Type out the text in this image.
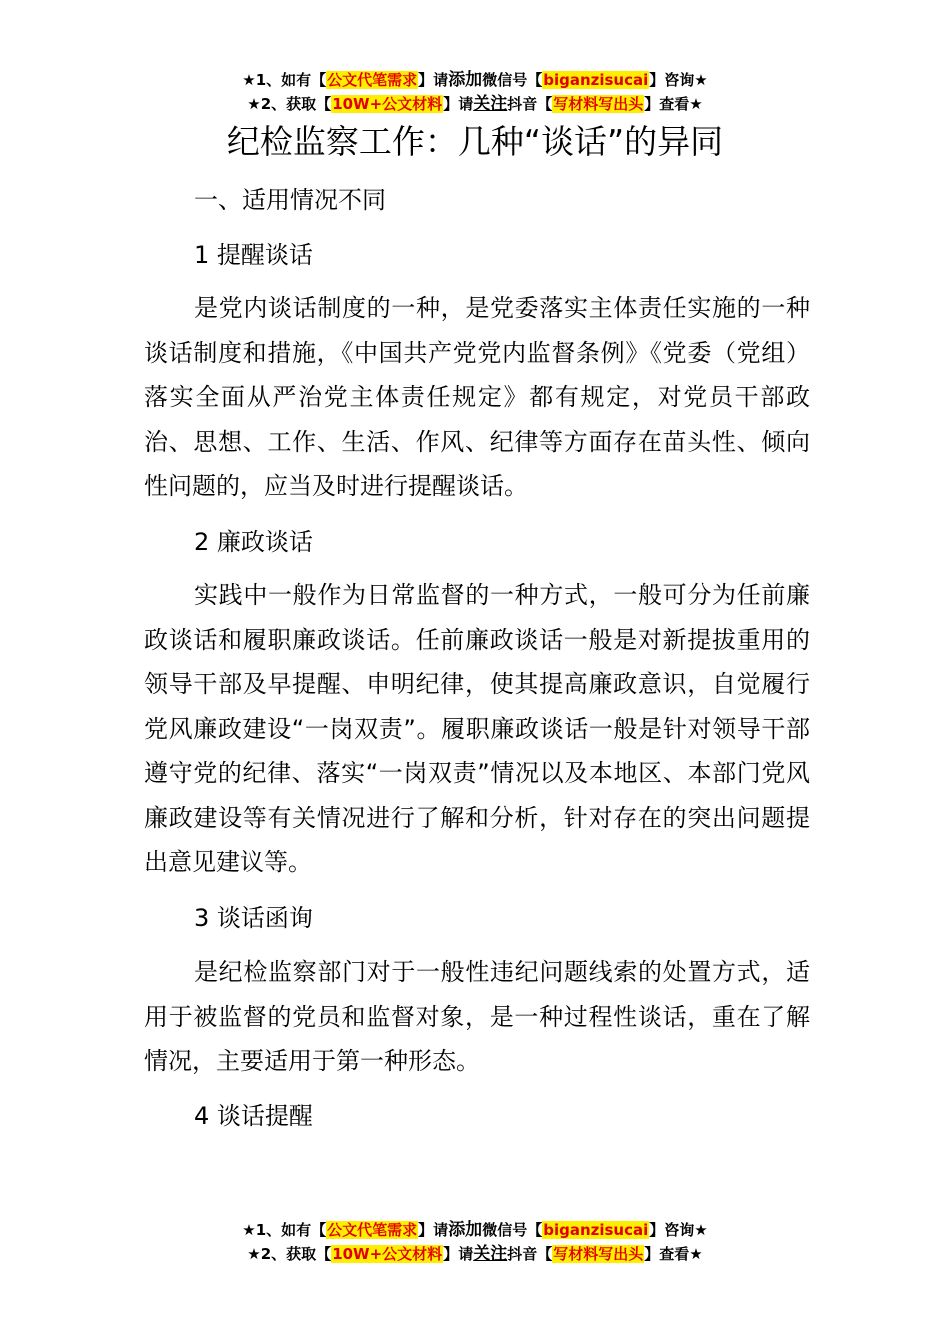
★1、如有【公文代笔需求】请添加微信号【biganzisucai】咨询★
★2、获取【10W+公文材料】请关注抖音【写材料写出头】查看★
纪检监察工作：几种“谈话”的异同
一、适用情况不同
1 提醒谈话
是党内谈话制度的一种，是党委落实主体责任实施的一种谈话制度和措施，《中国共产党党内监督条例》《党委（党组）落实全面从严治党主体责任规定》都有规定，对党员干部政治、思想、工作、生活、作风、纪律等方面存在苗头性、倾向性问题的，应当及时进行提醒谈话。
2 廉政谈话
实践中一般作为日常监督的一种方式，一般可分为任前廉政谈话和履职廉政谈话。任前廉政谈话一般是对新提拔重用的领导干部及早提醒、申明纪律，使其提高廉政意识，自觉履行党风廉政建设“一岗双责”。履职廉政谈话一般是针对领导干部遵守党的纪律、落实“一岗双责”情况以及本地区、本部门党风廉政建设等有关情况进行了解和分析，针对存在的突出问题提出意见建议等。
3 谈话函询
是纪检监察部门对于一般性违纪问题线索的处置方式，适用于被监督的党员和监督对象，是一种过程性谈话，重在了解情况，主要适用于第一种形态。
4 谈话提醒
★1、如有【公文代笔需求】请添加微信号【biganzisucai】咨询★
★2、获取【10W+公文材料】请关注抖音【写材料写出头】查看★
